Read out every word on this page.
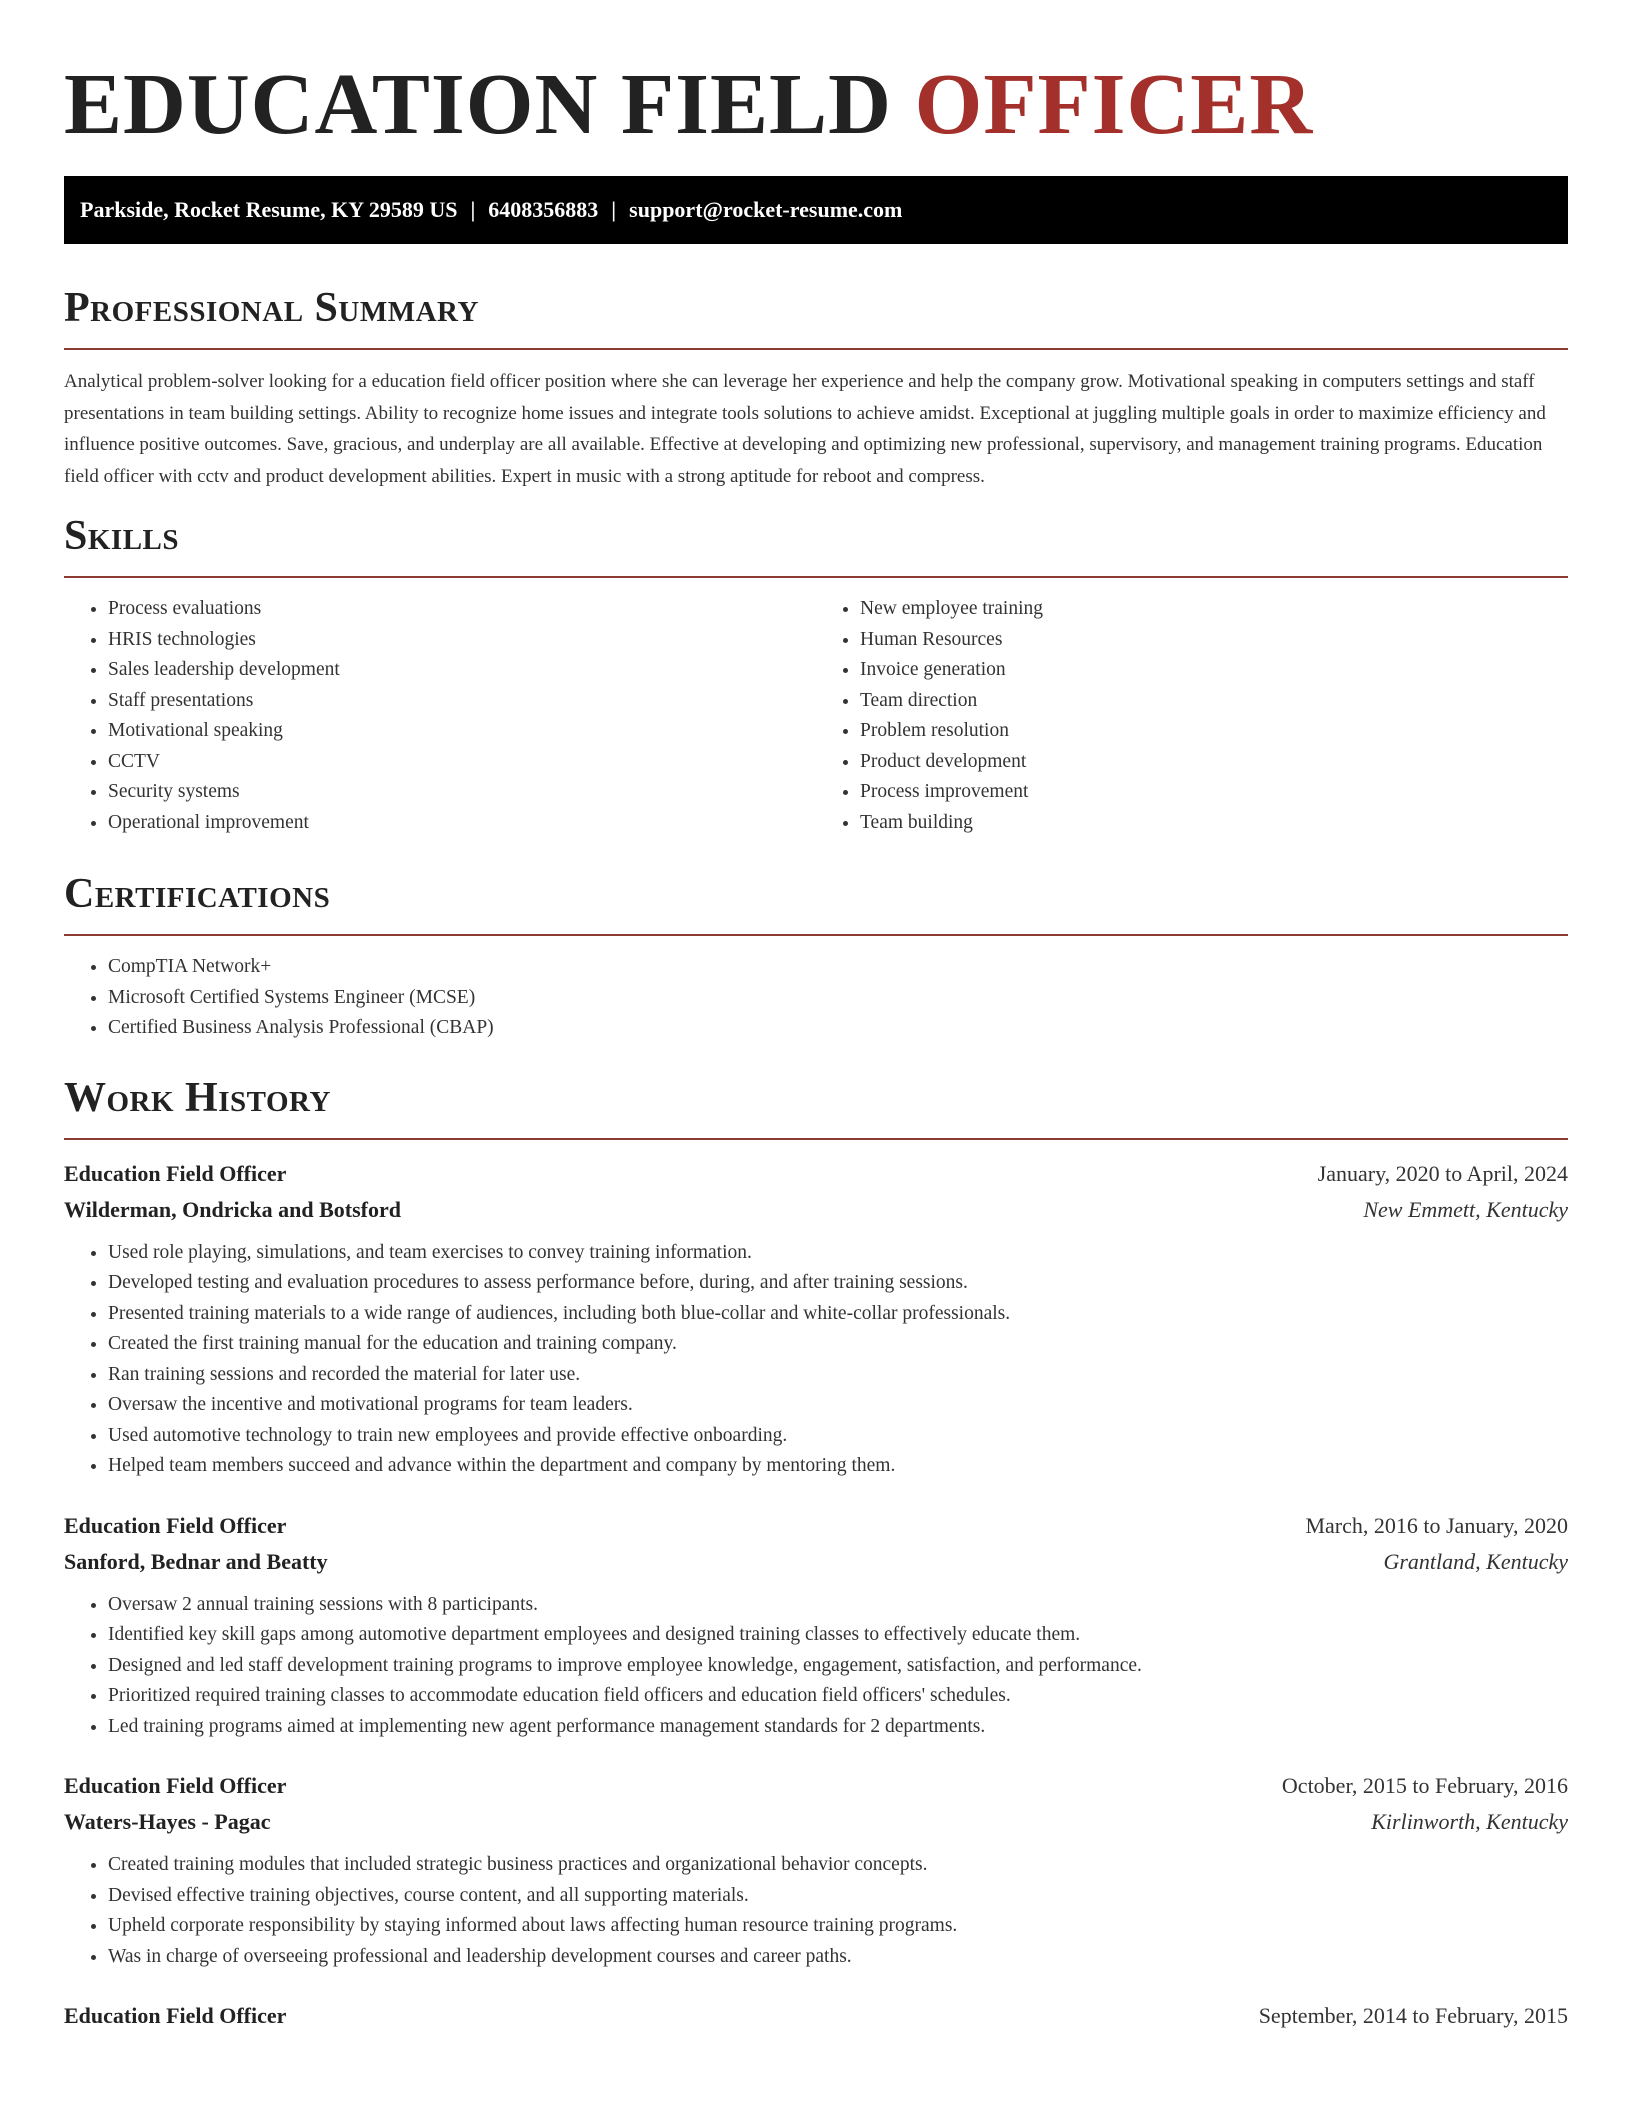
EDUCATION FIELD OFFICER
Parkside, Rocket Resume, KY 29589 US | 6408356883 | support@rocket-resume.com
Professional Summary

Analytical problem-solver looking for a education field officer position where she can leverage her experience and help the company grow. Motivational speaking in computers settings and staff presentations in team building settings. Ability to recognize home issues and integrate tools solutions to achieve amidst. Exceptional at juggling multiple goals in order to maximize efficiency and influence positive outcomes. Save, gracious, and underplay are all available. Effective at developing and optimizing new professional, supervisory, and management training programs. Education field officer with cctv and product development abilities. Expert in music with a strong aptitude for reboot and compress.

Skills
• Process evaluations
• HRIS technologies
• Sales leadership development
• Staff presentations
• Motivational speaking
• CCTV
• Security systems
• Operational improvement
• New employee training
• Human Resources
• Invoice generation
• Team direction
• Problem resolution
• Product development
• Process improvement
• Team building
Certifications
• CompTIA Network+
• Microsoft Certified Systems Engineer (MCSE)
• Certified Business Analysis Professional (CBAP)
Work History
Education Field Officer	January, 2020 to April, 2024
Wilderman, Ondricka and Botsford	New Emmett, Kentucky
• Used role playing, simulations, and team exercises to convey training information.
• Developed testing and evaluation procedures to assess performance before, during, and after training sessions.
• Presented training materials to a wide range of audiences, including both blue-collar and white-collar professionals.
• Created the first training manual for the education and training company.
• Ran training sessions and recorded the material for later use.
• Oversaw the incentive and motivational programs for team leaders.
• Used automotive technology to train new employees and provide effective onboarding.
• Helped team members succeed and advance within the department and company by mentoring them.
Education Field Officer	March, 2016 to January, 2020
Sanford, Bednar and Beatty	Grantland, Kentucky
• Oversaw 2 annual training sessions with 8 participants.
• Identified key skill gaps among automotive department employees and designed training classes to effectively educate them.
• Designed and led staff development training programs to improve employee knowledge, engagement, satisfaction, and performance.
• Prioritized required training classes to accommodate education field officers and education field officers' schedules.
• Led training programs aimed at implementing new agent performance management standards for 2 departments.
Education Field Officer	October, 2015 to February, 2016
Waters-Hayes - Pagac	Kirlinworth, Kentucky
• Created training modules that included strategic business practices and organizational behavior concepts.
• Devised effective training objectives, course content, and all supporting materials.
• Upheld corporate responsibility by staying informed about laws affecting human resource training programs.
• Was in charge of overseeing professional and leadership development courses and career paths.
Education Field Officer	September, 2014 to February, 2015
